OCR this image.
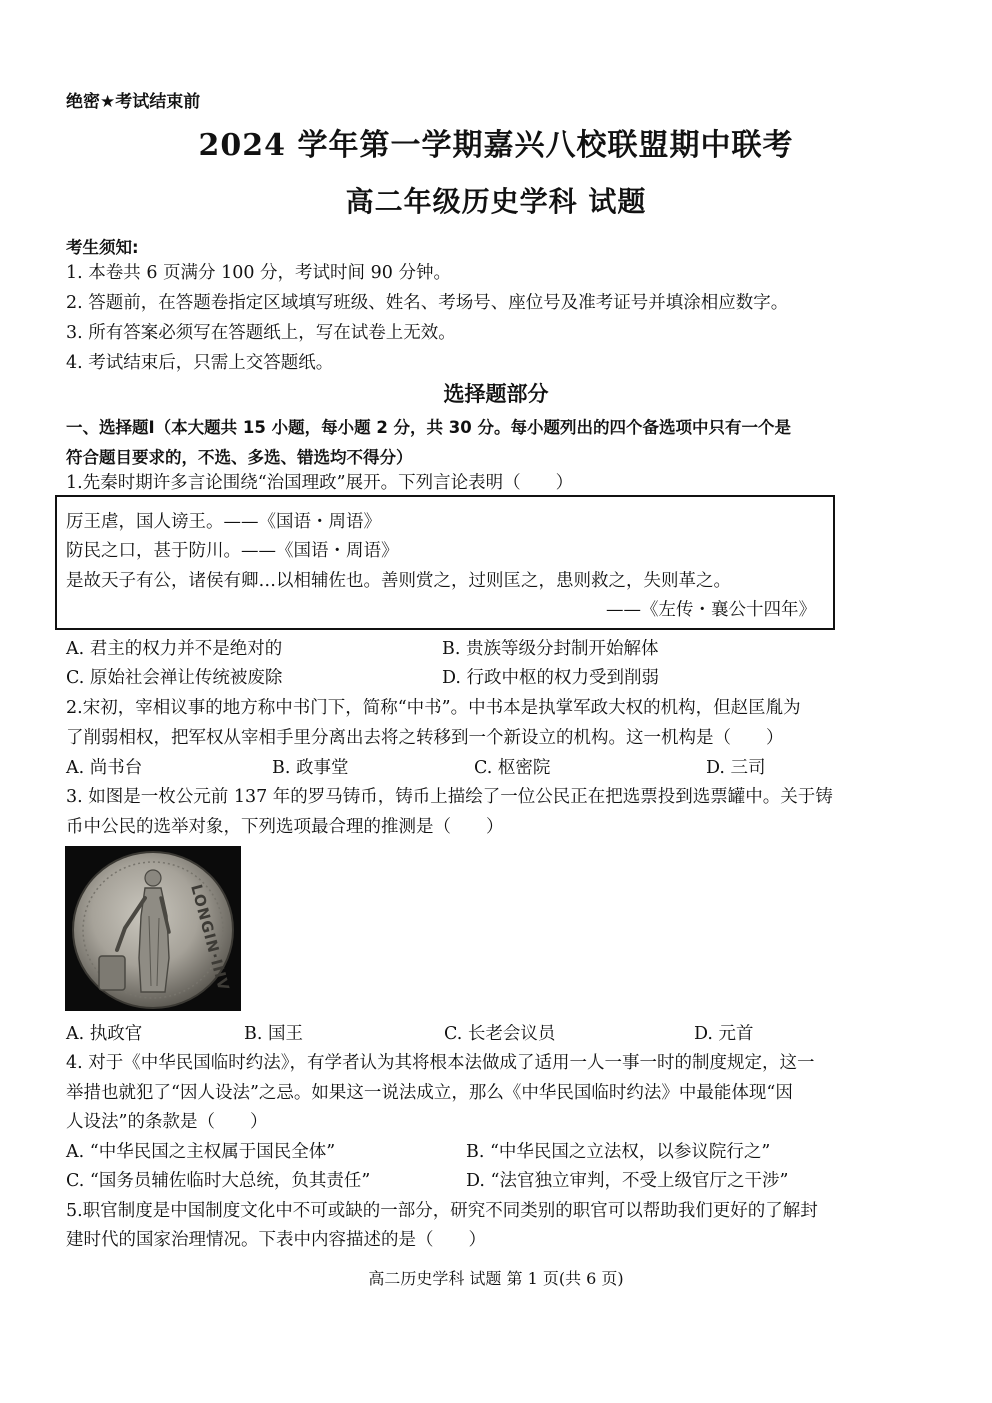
绝密★考试结束前
2024 学年第一学期嘉兴八校联盟期中联考
高二年级历史学科 试题
考生须知:
1. 本卷共 6 页满分 100 分，考试时间 90 分钟。
2. 答题前，在答题卷指定区域填写班级、姓名、考场号、座位号及准考证号并填涂相应数字。
3. 所有答案必须写在答题纸上，写在试卷上无效。
4. 考试结束后，只需上交答题纸。
选择题部分
一、选择题Ⅰ（本大题共 15 小题，每小题 2 分，共 30 分。每小题列出的四个备选项中只有一个是
符合题目要求的，不选、多选、错选均不得分）
1.先秦时期许多言论围绕“治国理政”展开。下列言论表明（　　）
厉王虐，国人谤王。——《国语・周语》
防民之口，甚于防川。——《国语・周语》
是故天子有公，诸侯有卿…以相辅佐也。善则赏之，过则匡之，患则救之，失则革之。
——《左传・襄公十四年》
A. 君主的权力并不是绝对的	B. 贵族等级分封制开始解体
C. 原始社会禅让传统被废除	D. 行政中枢的权力受到削弱
2.宋初，宰相议事的地方称中书门下，简称“中书”。中书本是执掌军政大权的机构，但赵匡胤为
了削弱相权，把军权从宰相手里分离出去将之转移到一个新设立的机构。这一机构是（　　）
A. 尚书台	B. 政事堂	C. 枢密院	D. 三司
3. 如图是一枚公元前 137 年的罗马铸币，铸币上描绘了一位公民正在把选票投到选票罐中。关于铸
币中公民的选举对象，下列选项最合理的推测是（　　）
LONGIN·IIIV
A. 执政官	B. 国王	C. 长老会议员	D. 元首
4. 对于《中华民国临时约法》，有学者认为其将根本法做成了适用一人一事一时的制度规定，这一
举措也就犯了“因人设法”之忌。如果这一说法成立，那么《中华民国临时约法》中最能体现“因
人设法”的条款是（　　）
A. “中华民国之主权属于国民全体”	B. “中华民国之立法权，以参议院行之”
C. “国务员辅佐临时大总统，负其责任”	D. “法官独立审判，不受上级官厅之干涉”
5.职官制度是中国制度文化中不可或缺的一部分，研究不同类别的职官可以帮助我们更好的了解封
建时代的国家治理情况。下表中内容描述的是（　　）
高二历史学科 试题 第 1 页(共 6 页)
